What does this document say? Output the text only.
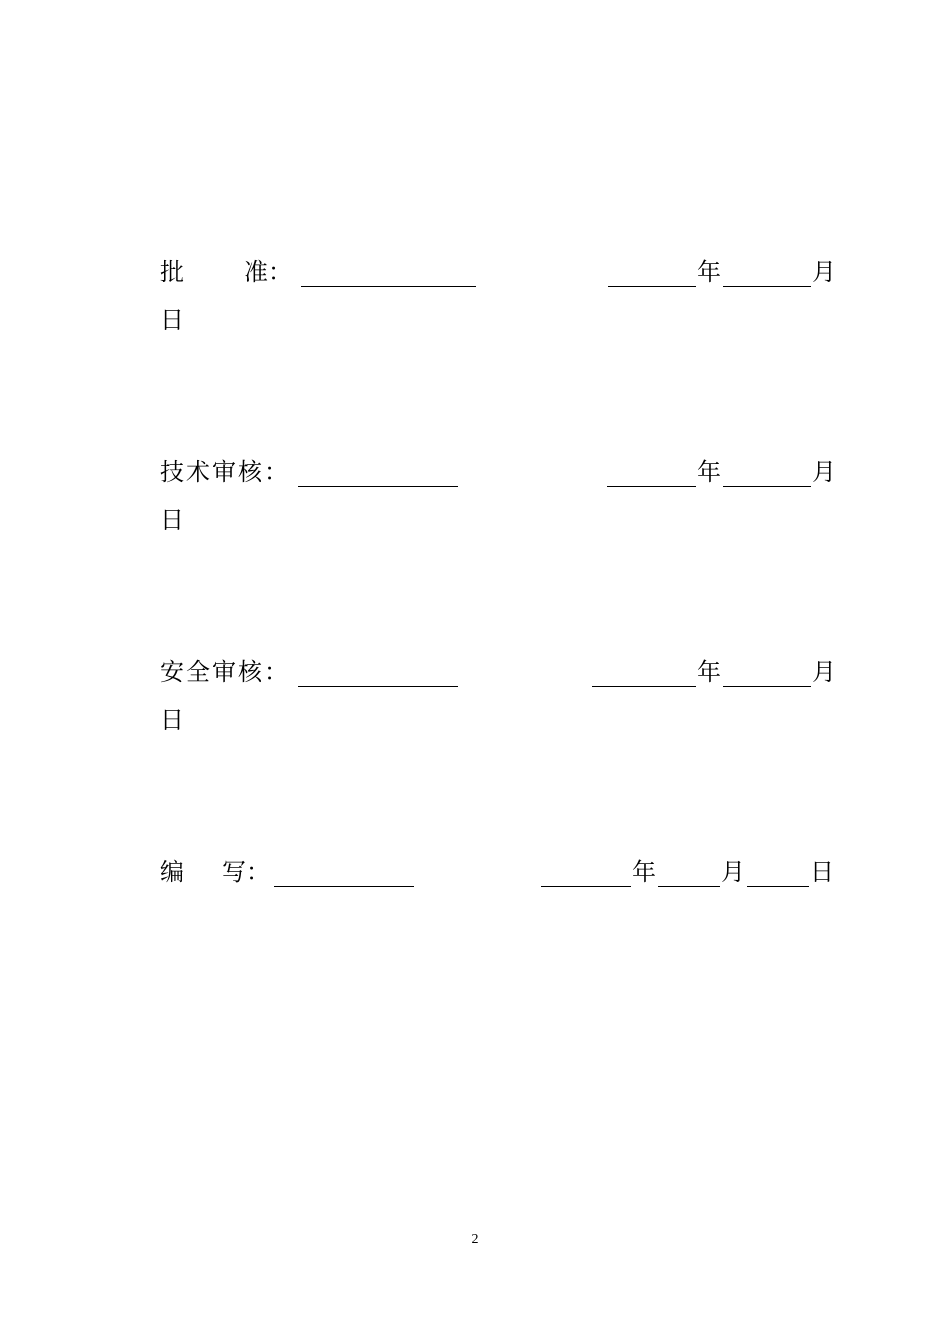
批	准：	年	月
日
技术审核：	年	月
日
安全审核：	年	月
日
编 写：	年	月	日
2
